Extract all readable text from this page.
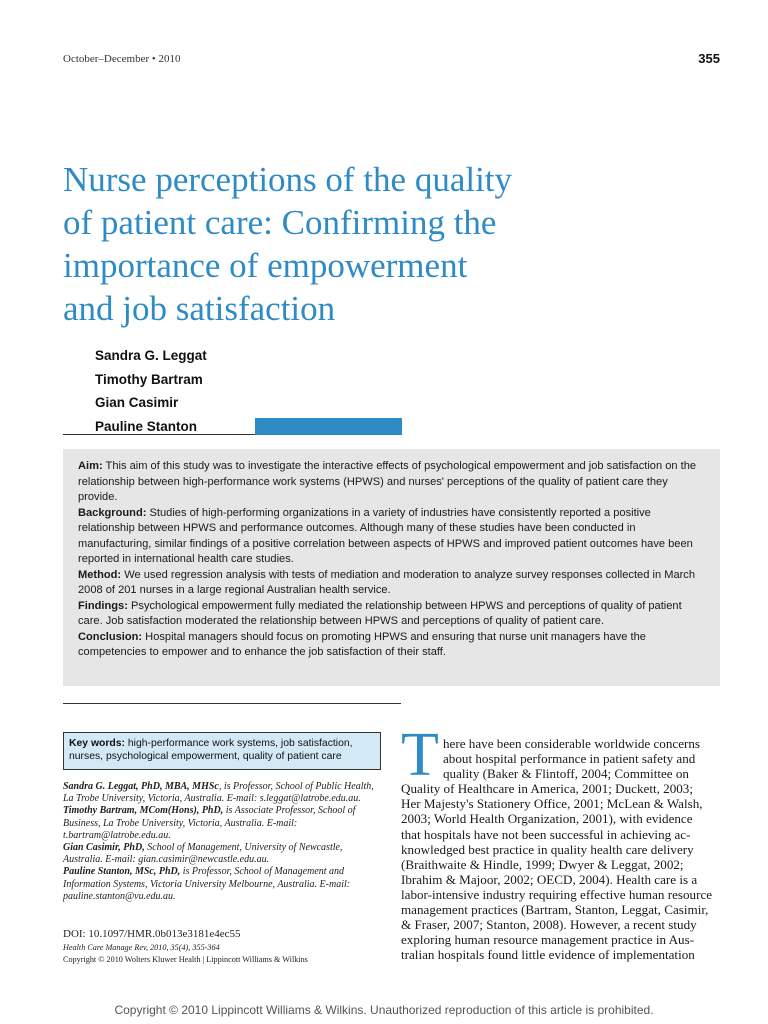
October–December • 2010	355
Nurse perceptions of the quality
of patient care: Confirming the
importance of empowerment
and job satisfaction
Sandra G. Leggat
Timothy Bartram
Gian Casimir
Pauline Stanton

Aim: This aim of this study was to investigate the interactive effects of psychological empowerment and job satisfaction on the relationship between high-performance work systems (HPWS) and nurses' perceptions of the quality of patient care they provide.

Background: Studies of high-performing organizations in a variety of industries have consistently reported a positive relationship between HPWS and performance outcomes. Although many of these studies have been conducted in manufacturing, similar findings of a positive correlation between aspects of HPWS and improved patient outcomes have been reported in international health care studies.

Method: We used regression analysis with tests of mediation and moderation to analyze survey responses collected in March 2008 of 201 nurses in a large regional Australian health service.

Findings: Psychological empowerment fully mediated the relationship between HPWS and perceptions of quality of patient care. Job satisfaction moderated the relationship between HPWS and perceptions of quality of patient care.

Conclusion: Hospital managers should focus on promoting HPWS and ensuring that nurse unit managers have the competencies to empower and to enhance the job satisfaction of their staff.

Key words: high-performance work systems, job satisfaction, nurses, psychological empowerment, quality of patient care

Sandra G. Leggat, PhD, MBA, MHSc, is Professor, School of Public Health, La Trobe University, Victoria, Australia. E-mail: s.leggat@latrobe.edu.au.

Timothy Bartram, MCom(Hons), PhD, is Associate Professor, School of Business, La Trobe University, Victoria, Australia. E-mail: t.bartram@latrobe.edu.au.

Gian Casimir, PhD, School of Management, University of Newcastle, Australia. E-mail: gian.casimir@newcastle.edu.au.

Pauline Stanton, MSc, PhD, is Professor, School of Management and Information Systems, Victoria University Melbourne, Australia. E-mail: pauline.stanton@vu.edu.au.

DOI: 10.1097/HMR.0b013e3181e4ec55
Health Care Manage Rev, 2010, 35(4), 355-364
Copyright © 2010 Wolters Kluwer Health | Lippincott Williams & Wilkins
T here have been considerable worldwide concerns
about hospital performance in patient safety and
quality (Baker & Flintoff, 2004; Committee on
Quality of Healthcare in America, 2001; Duckett, 2003;
Her Majesty's Stationery Office, 2001; McLean & Walsh,
2003; World Health Organization, 2001), with evidence
that hospitals have not been successful in achieving ac-
knowledged best practice in quality health care delivery
(Braithwaite & Hindle, 1999; Dwyer & Leggat, 2002;
Ibrahim & Majoor, 2002; OECD, 2004). Health care is a
labor-intensive industry requiring effective human resource
management practices (Bartram, Stanton, Leggat, Casimir,
& Fraser, 2007; Stanton, 2008). However, a recent study
exploring human resource management practice in Aus-
tralian hospitals found little evidence of implementation
Copyright © 2010 Lippincott Williams & Wilkins. Unauthorized reproduction of this article is prohibited.
